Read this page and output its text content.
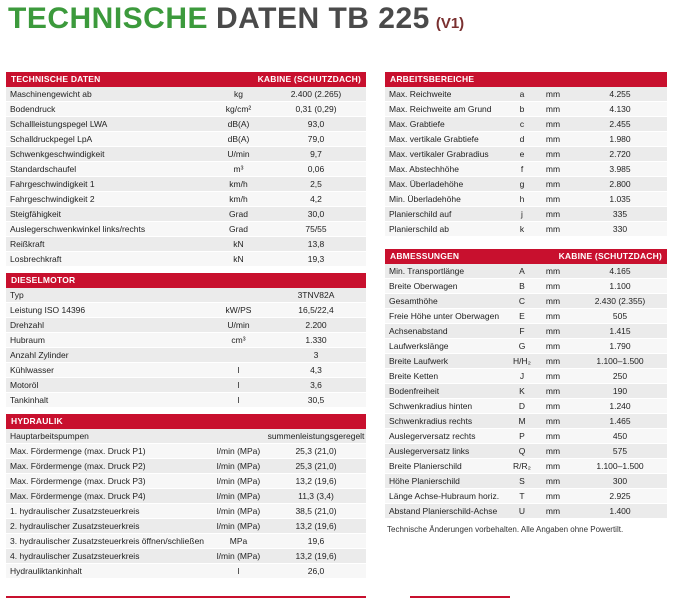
TECHNISCHE DATEN TB 225 (V1)
TECHNISCHE DATEN	KABINE (SCHUTZDACH)
Maschinengewicht ab	kg	2.400 (2.265)
Bodendruck	kg/cm²	0,31 (0,29)
Schallleistungspegel LWA	dB(A)	93,0
Schalldruckpegel LpA	dB(A)	79,0
Schwenkgeschwindigkeit	U/min	9,7
Standardschaufel	m³	0,06
Fahrgeschwindigkeit 1	km/h	2,5
Fahrgeschwindigkeit 2	km/h	4,2
Steigfähigkeit	Grad	30,0
Auslegerschwenkwinkel links/rechts	Grad	75/55
Reißkraft	kN	13,8
Losbrechkraft	kN	19,3
DIESELMOTOR
Typ	3TNV82A
Leistung ISO 14396	kW/PS	16,5/22,4
Drehzahl	U/min	2.200
Hubraum	cm³	1.330
Anzahl Zylinder	3
Kühlwasser	l	4,3
Motoröl	l	3,6
Tankinhalt	l	30,5
HYDRAULIK
Hauptarbeitspumpen	summenleistungsgeregelt
Max. Fördermenge (max. Druck P1)	l/min (MPa)	25,3 (21,0)
Max. Fördermenge (max. Druck P2)	l/min (MPa)	25,3 (21,0)
Max. Fördermenge (max. Druck P3)	l/min (MPa)	13,2 (19,6)
Max. Fördermenge (max. Druck P4)	l/min (MPa)	11,3 (3,4)
1. hydraulischer Zusatzsteuerkreis	l/min (MPa)	38,5 (21,0)
2. hydraulischer Zusatzsteuerkreis	l/min (MPa)	13,2 (19,6)
3. hydraulischer Zusatzsteuerkreis öffnen/schließen	MPa	19,6
4. hydraulischer Zusatzsteuerkreis	l/min (MPa)	13,2 (19,6)
Hydrauliktankinhalt	l	26,0
ARBEITSBEREICHE
Max. Reichweite	a	mm	4.255
Max. Reichweite am Grund	b	mm	4.130
Max. Grabtiefe	c	mm	2.455
Max. vertikale Grabtiefe	d	mm	1.980
Max. vertikaler Grabradius	e	mm	2.720
Max. Abstechhöhe	f	mm	3.985
Max. Überladehöhe	g	mm	2.800
Min. Überladehöhe	h	mm	1.035
Planierschild auf	j	mm	335
Planierschild ab	k	mm	330
ABMESSUNGEN	KABINE (SCHUTZDACH)
Min. Transportlänge	A	mm	4.165
Breite Oberwagen	B	mm	1.100
Gesamthöhe	C	mm	2.430 (2.355)
Freie Höhe unter Oberwagen	E	mm	505
Achsenabstand	F	mm	1.415
Laufwerkslänge	G	mm	1.790
Breite Laufwerk	H/H₂	mm	1.100–1.500
Breite Ketten	J	mm	250
Bodenfreiheit	K	mm	190
Schwenkradius hinten	D	mm	1.240
Schwenkradius rechts	M	mm	1.465
Auslegerversatz rechts	P	mm	450
Auslegerversatz links	Q	mm	575
Breite Planierschild	R/R₂	mm	1.100–1.500
Höhe Planierschild	S	mm	300
Länge Achse-Hubraum horiz.	T	mm	2.925
Abstand Planierschild-Achse	U	mm	1.400
Technische Änderungen vorbehalten. Alle Angaben ohne Powertilt.
